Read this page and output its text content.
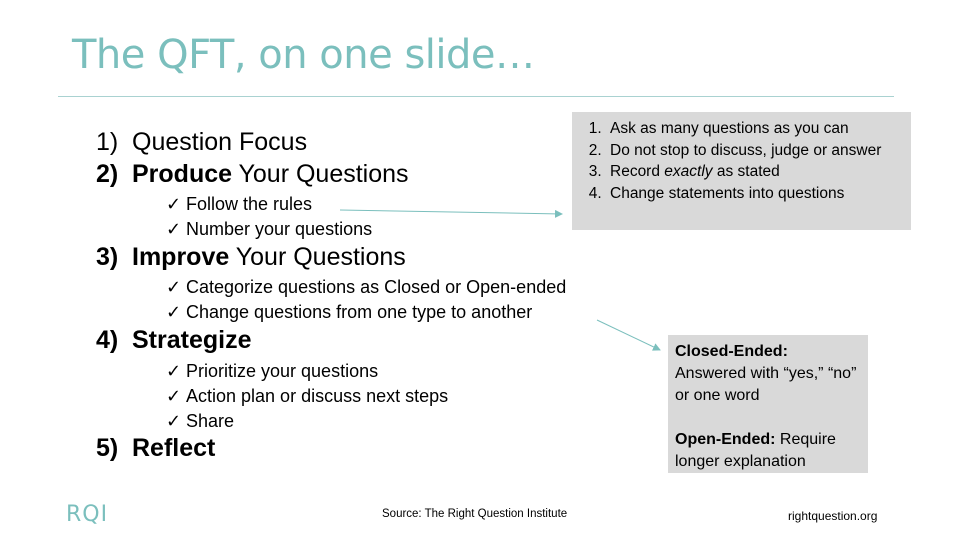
The QFT, on one slide…
1) Question Focus
2) Produce Your Questions
✓ Follow the rules
✓ Number your questions
3) Improve Your Questions
✓ Categorize questions as Closed or Open-ended
✓ Change questions from one type to another
4) Strategize
✓ Prioritize your questions
✓ Action plan or discuss next steps
✓ Share
5) Reflect
1. Ask as many questions as you can
2. Do not stop to discuss, judge or answer
3. Record exactly as stated
4. Change statements into questions

Closed-Ended:

Answered with “yes,” “no” or one word

Open-Ended: Require longer explanation

RQI	Source: The Right Question Institute	rightquestion.org
